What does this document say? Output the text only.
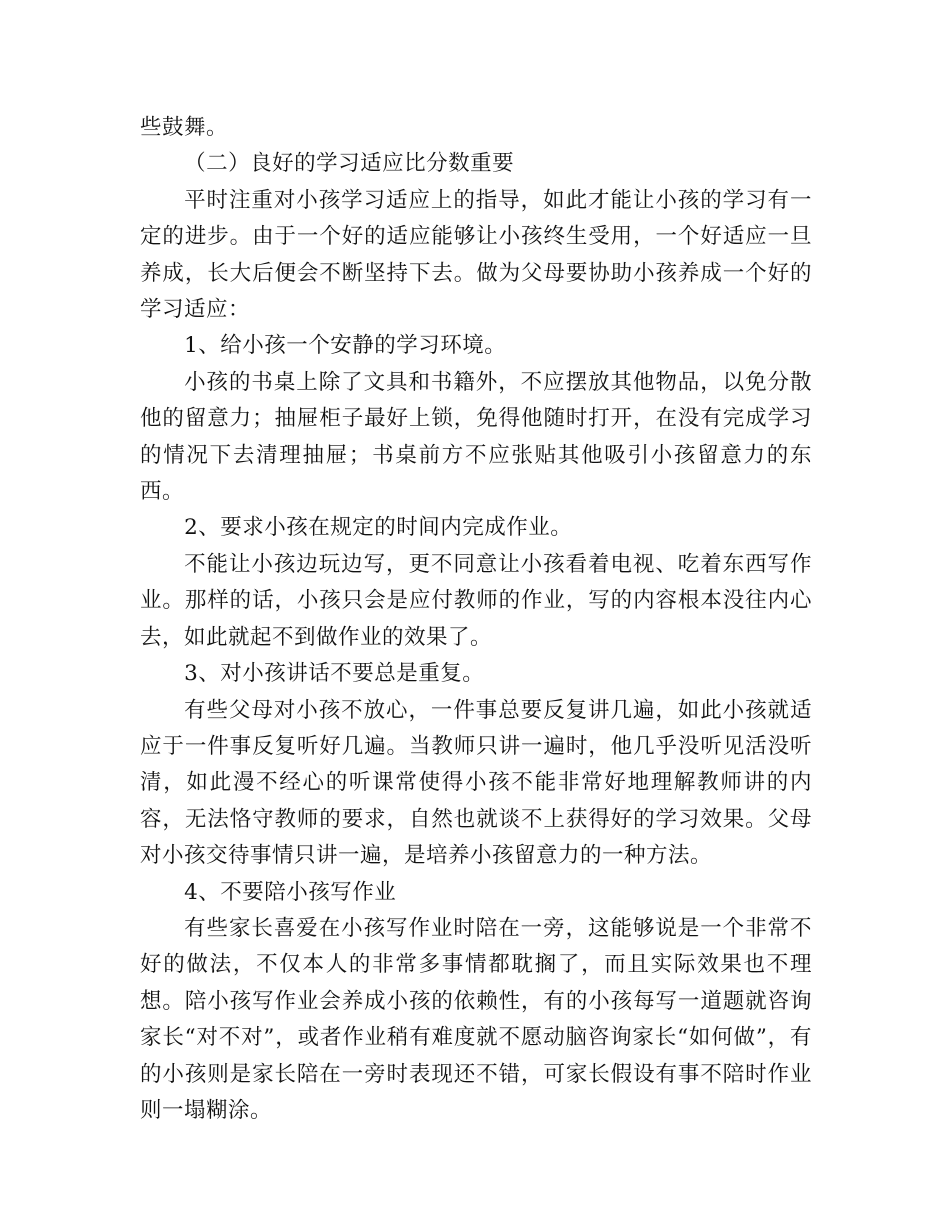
些鼓舞。

（二）良好的学习适应比分数重要

平时注重对小孩学习适应上的指导，如此才能让小孩的学习有一定的进步。由于一个好的适应能够让小孩终生受用，一个好适应一旦养成，长大后便会不断坚持下去。做为父母要协助小孩养成一个好的学习适应：

1、给小孩一个安静的学习环境。

小孩的书桌上除了文具和书籍外，不应摆放其他物品，以免分散他的留意力；抽屉柜子最好上锁，免得他随时打开，在没有完成学习的情况下去清理抽屉；书桌前方不应张贴其他吸引小孩留意力的东西。

2、要求小孩在规定的时间内完成作业。

不能让小孩边玩边写，更不同意让小孩看着电视、吃着东西写作业。那样的话，小孩只会是应付教师的作业，写的内容根本没往内心去，如此就起不到做作业的效果了。

3、对小孩讲话不要总是重复。

有些父母对小孩不放心，一件事总要反复讲几遍，如此小孩就适应于一件事反复听好几遍。当教师只讲一遍时，他几乎没听见活没听清，如此漫不经心的听课常使得小孩不能非常好地理解教师讲的内容，无法恪守教师的要求，自然也就谈不上获得好的学习效果。父母对小孩交待事情只讲一遍，是培养小孩留意力的一种方法。

4、不要陪小孩写作业

有些家长喜爱在小孩写作业时陪在一旁，这能够说是一个非常不好的做法，不仅本人的非常多事情都耽搁了，而且实际效果也不理想。陪小孩写作业会养成小孩的依赖性，有的小孩每写一道题就咨询家长“对不对”，或者作业稍有难度就不愿动脑咨询家长“如何做”，有的小孩则是家长陪在一旁时表现还不错，可家长假设有事不陪时作业则一塌糊涂。
